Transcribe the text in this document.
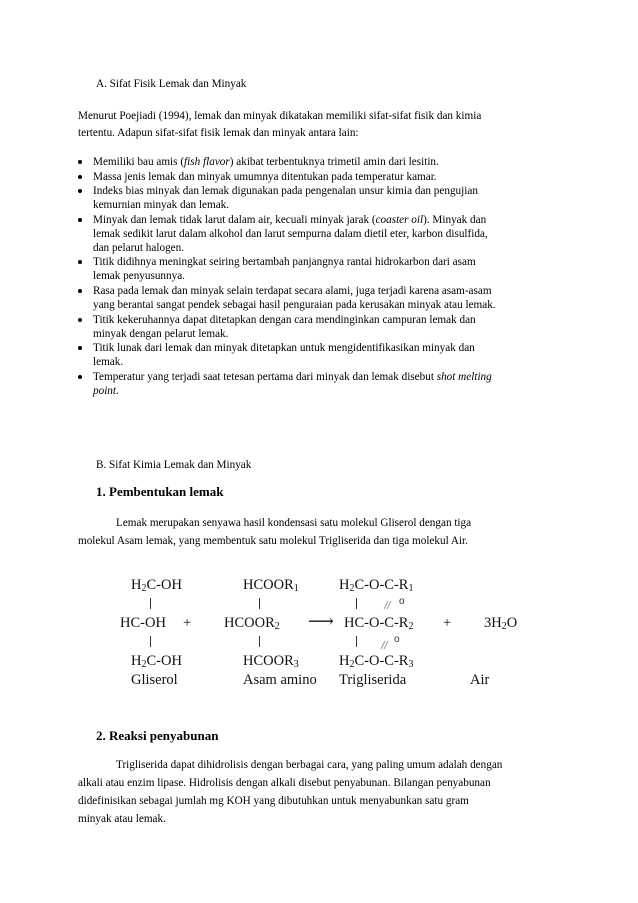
A. Sifat Fisik Lemak dan Minyak
Menurut Poejiadi (1994), lemak dan minyak dikatakan memiliki sifat-sifat fisik dan kimia
tertentu. Adapun sifat-sifat fisik lemak dan minyak antara lain:
Memiliki bau amis (fish flavor) akibat terbentuknya trimetil amin dari lesitin.
Massa jenis lemak dan minyak umumnya ditentukan pada temperatur kamar.
Indeks bias minyak dan lemak digunakan pada pengenalan unsur kimia dan pengujian
kemurnian minyak dan lemak.
Minyak dan lemak tidak larut dalam air, kecuali minyak jarak (coaster oil). Minyak dan
lemak sedikit larut dalam alkohol dan larut sempurna dalam dietil eter, karbon disulfida,
dan pelarut halogen.
Titik didihnya meningkat seiring bertambah panjangnya rantai hidrokarbon dari asam
lemak penyusunnya.
Rasa pada lemak dan minyak selain terdapat secara alami, juga terjadi karena asam-asam
yang berantai sangat pendek sebagai hasil penguraian pada kerusakan minyak atau lemak.
Titik kekeruhannya dapat ditetapkan dengan cara mendinginkan campuran lemak dan
minyak dengan pelarut lemak.
Titik lunak dari lemak dan minyak ditetapkan untuk mengidentifikasikan minyak dan
lemak.
Temperatur yang terjadi saat tetesan pertama dari minyak dan lemak disebut shot melting
point.
B. Sifat Kimia Lemak dan Minyak
1. Pembentukan lemak
Lemak merupakan senyawa hasil kondensasi satu molekul Gliserol dengan tiga
molekul Asam lemak, yang membentuk satu molekul Trigliserida dan tiga molekul Air.
$H_2C-OH$
HC-OH
$H_2C-OH$
Gliserol
+
$HCOOR_1$
$HCOOR_2$
$HCOOR_3$
Asam amino
⟶
$H_2C-O-C-R_1$
o
$HC-O-C-R_2$
o
$H_2C-O-C-R_3$
Trigliserida
+ $3H_2O$
Air
2. Reaksi penyabunan
Trigliserida dapat dihidrolisis dengan berbagai cara, yang paling umum adalah dengan
alkali atau enzim lipase. Hidrolisis dengan alkali disebut penyabunan. Bilangan penyabunan
didefinisikan sebagai jumlah mg KOH yang dibutuhkan untuk menyabunkan satu gram
minyak atau lemak.
